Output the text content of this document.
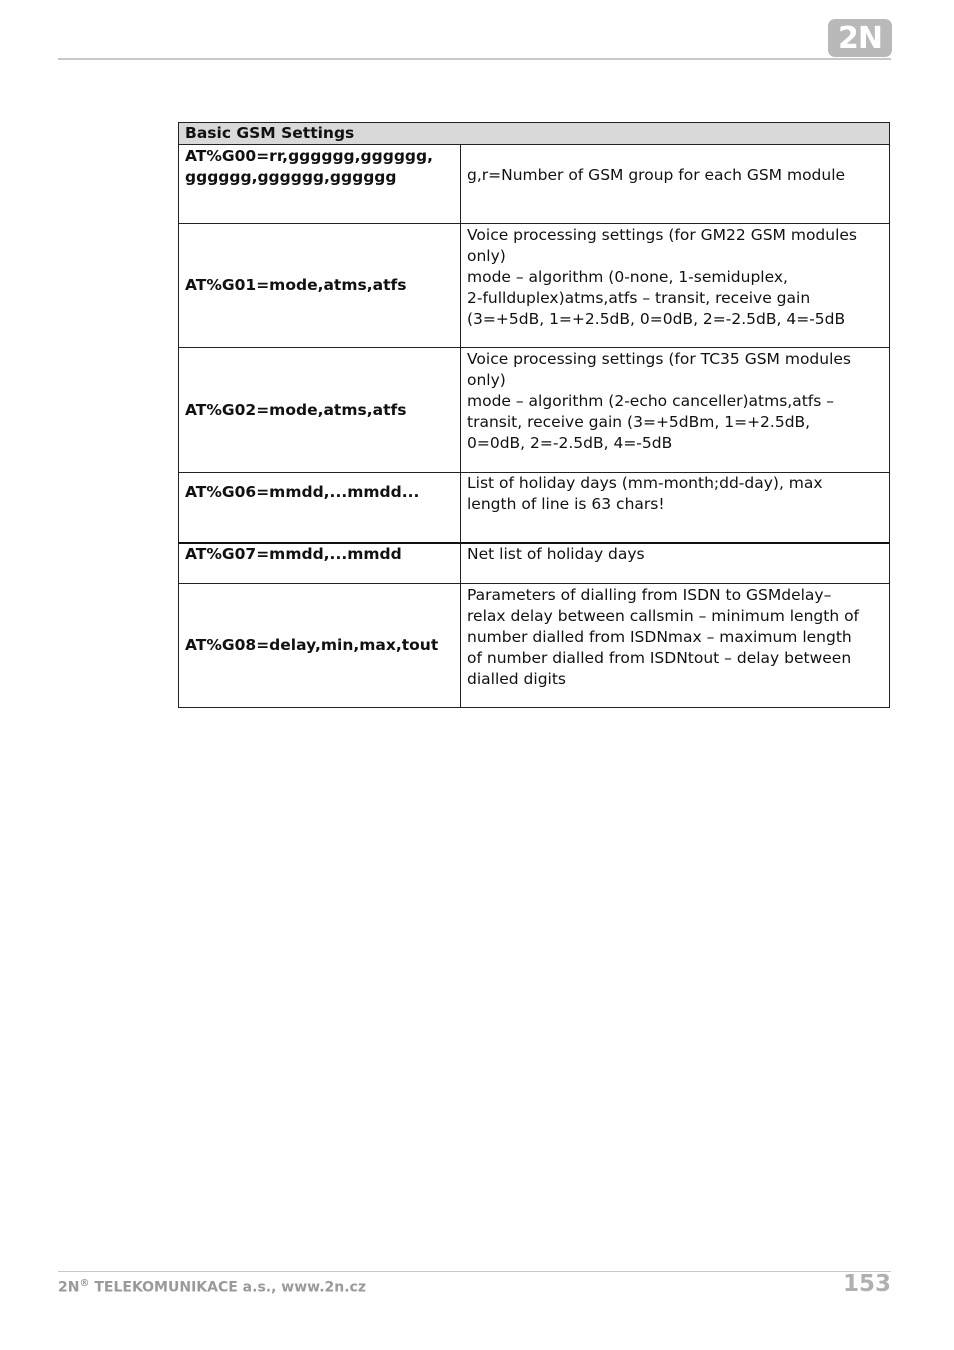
2N
Basic GSM Settings	
AT%G00=rr,gggggg,gggggg,
gggggg,gggggg,gggggg	g,r=Number of GSM group for each GSM module
AT%G01=mode,atms,atfs	Voice processing settings (for GM22 GSM modules only)
mode – algorithm (0-none, 1-semiduplex,
2-fullduplex)atms,atfs – transit, receive gain
(3=+5dB, 1=+2.5dB, 0=0dB, 2=-2.5dB, 4=-5dB
AT%G02=mode,atms,atfs	Voice processing settings (for TC35 GSM modules only)
mode – algorithm (2-echo canceller)atms,atfs –
transit, receive gain (3=+5dBm, 1=+2.5dB,
0=0dB, 2=-2.5dB, 4=-5dB
AT%G06=mmdd,...mmdd...	List of holiday days (mm-month;dd-day), max
length of line is 63 chars!
AT%G07=mmdd,...mmdd	Net list of holiday days
AT%G08=delay,min,max,tout	Parameters of dialling from ISDN to GSMdelay–
relax delay between callsmin – minimum length of
number dialled from ISDNmax – maximum length
of number dialled from ISDNtout – delay between
dialled digits
2N® TELEKOMUNIKACE a.s., www.2n.cz	153
